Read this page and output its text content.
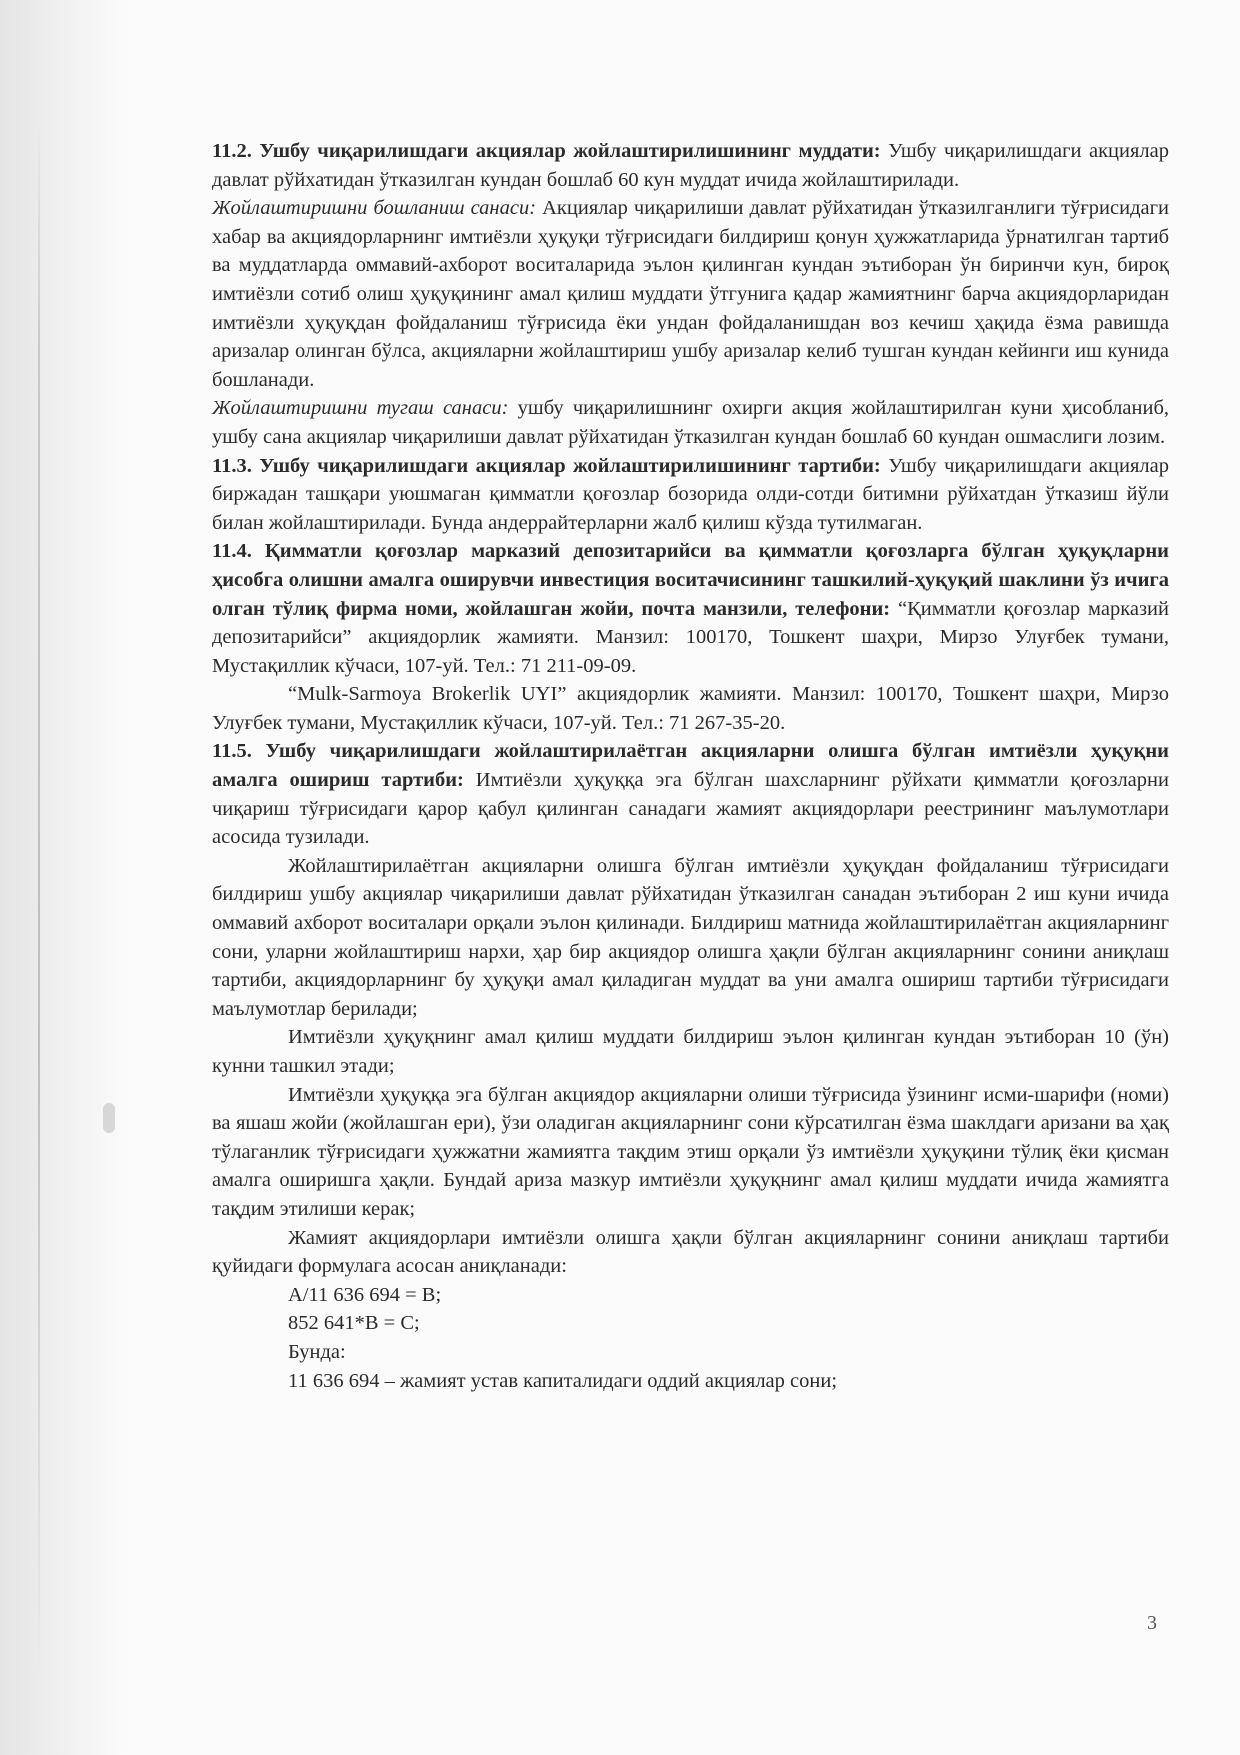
11.2. Ушбу чиқарилишдаги акциялар жойлаштирилишининг муддати: Ушбу чиқарилишдаги акциялар давлат рўйхатидан ўтказилган кундан бошлаб 60 кун муддат ичида жойлаштирилади.

Жойлаштиришни бошланиш санаси: Акциялар чиқарилиши давлат рўйхатидан ўтказилганлиги тўғрисидаги хабар ва акциядорларнинг имтиёзли ҳуқуқи тўғрисидаги билдириш қонун ҳужжатларида ўрнатилган тартиб ва муддатларда оммавий-ахборот воситаларида эълон қилинган кундан эътиборан ўн биринчи кун, бироқ имтиёзли сотиб олиш ҳуқуқининг амал қилиш муддати ўтгунига қадар жамиятнинг барча акциядорларидан имтиёзли ҳуқуқдан фойдаланиш тўғрисида ёки ундан фойдаланишдан воз кечиш ҳақида ёзма равишда аризалар олинган бўлса, акцияларни жойлаштириш ушбу аризалар келиб тушган кундан кейинги иш кунида бошланади.

Жойлаштиришни тугаш санаси: ушбу чиқарилишнинг охирги акция жойлаштирилган куни ҳисобланиб, ушбу сана акциялар чиқарилиши давлат рўйхатидан ўтказилган кундан бошлаб 60 кундан ошмаслиги лозим.

11.3. Ушбу чиқарилишдаги акциялар жойлаштирилишининг тартиби: Ушбу чиқарилишдаги акциялар биржадан ташқари уюшмаган қимматли қоғозлар бозорида олди-сотди битимни рўйхатдан ўтказиш йўли билан жойлаштирилади. Бунда андеррайтерларни жалб қилиш кўзда тутилмаган.

11.4. Қимматли қоғозлар марказий депозитарийси ва қимматли қоғозларга бўлган ҳуқуқларни ҳисобга олишни амалга оширувчи инвестиция воситачисининг ташкилий-ҳуқуқий шаклини ўз ичига олган тўлиқ фирма номи, жойлашган жойи, почта манзили, телефони: “Қимматли қоғозлар марказий депозитарийси” акциядорлик жамияти. Манзил: 100170, Тошкент шаҳри, Мирзо Улуғбек тумани, Мустақиллик кўчаси, 107-уй. Тел.: 71 211-09-09.

“Mulk-Sarmoya Brokerlik UYI” акциядорлик жамияти. Манзил: 100170, Тошкент шаҳри, Мирзо Улуғбек тумани, Мустақиллик кўчаси, 107-уй. Тел.: 71 267-35-20.

11.5. Ушбу чиқарилишдаги жойлаштирилаётган акцияларни олишга бўлган имтиёзли ҳуқуқни амалга ошириш тартиби: Имтиёзли ҳуқуққа эга бўлган шахсларнинг рўйхати қимматли қоғозларни чиқариш тўғрисидаги қарор қабул қилинган санадаги жамият акциядорлари реестрининг маълумотлари асосида тузилади.

Жойлаштирилаётган акцияларни олишга бўлган имтиёзли ҳуқуқдан фойдаланиш тўғрисидаги билдириш ушбу акциялар чиқарилиши давлат рўйхатидан ўтказилган санадан эътиборан 2 иш куни ичида оммавий ахборот воситалари орқали эълон қилинади. Билдириш матнида жойлаштирилаётган акцияларнинг сони, уларни жойлаштириш нархи, ҳар бир акциядор олишга ҳақли бўлган акцияларнинг сонини аниқлаш тартиби, акциядорларнинг бу ҳуқуқи амал қиладиган муддат ва уни амалга ошириш тартиби тўғрисидаги маълумотлар берилади;

Имтиёзли ҳуқуқнинг амал қилиш муддати билдириш эълон қилинган кундан эътиборан 10 (ўн) кунни ташкил этади;

Имтиёзли ҳуқуққа эга бўлган акциядор акцияларни олиши тўғрисида ўзининг исми-шарифи (номи) ва яшаш жойи (жойлашган ери), ўзи оладиган акцияларнинг сони кўрсатилган ёзма шаклдаги аризани ва ҳақ тўлаганлик тўғрисидаги ҳужжатни жамиятга тақдим этиш орқали ўз имтиёзли ҳуқуқини тўлиқ ёки қисман амалга оширишга ҳақли. Бундай ариза мазкур имтиёзли ҳуқуқнинг амал қилиш муддати ичида жамиятга тақдим этилиши керак;

Жамият акциядорлари имтиёзли олишга ҳақли бўлган акцияларнинг сонини аниқлаш тартиби қуйидаги формулага асосан аниқланади:

A/11 636 694 = B;

852 641*B = C;

Бунда:

11 636 694 – жамият устав капиталидаги оддий акциялар сони;

3
